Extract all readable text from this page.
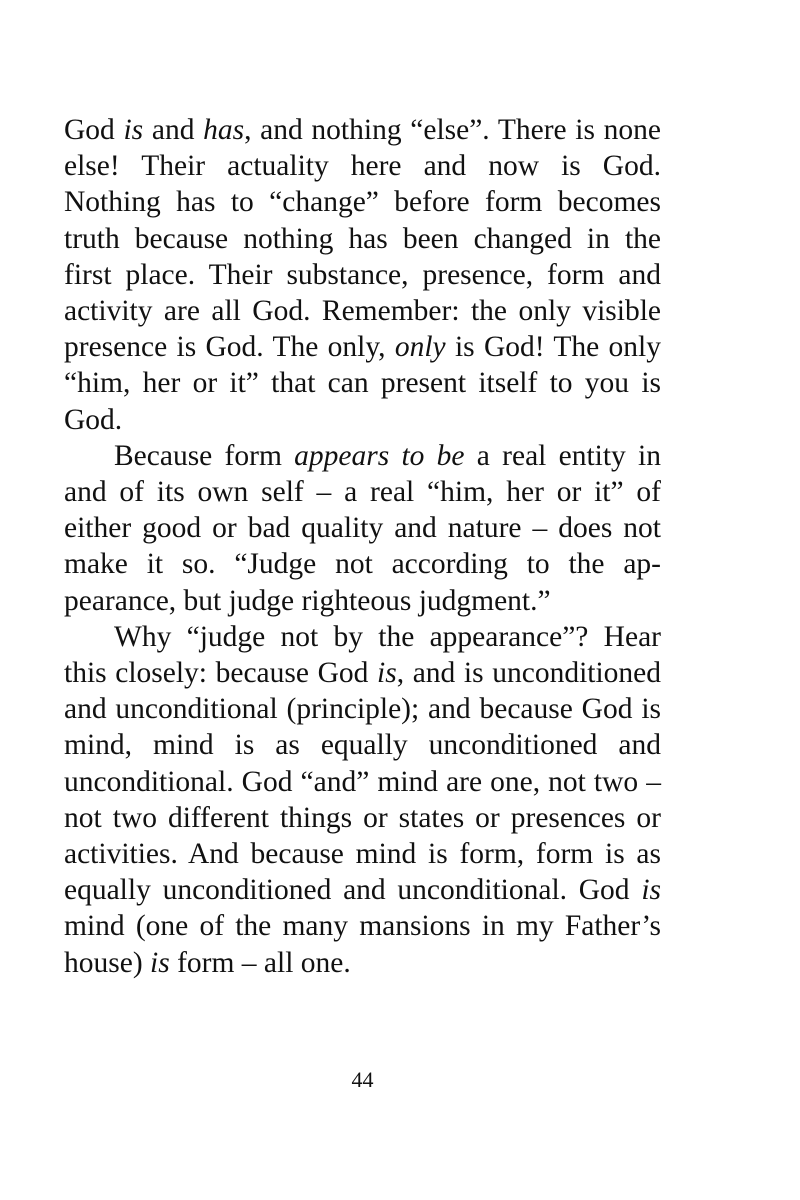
God is and has, and nothing “else”. There is none else! Their actuality here and now is God. Nothing has to “change” before form becomes truth because nothing has been changed in the first place. Their substance, presence, form and activity are all God. Remember: the only visible presence is God. The only, only is God! The only “him, her or it” that can present itself to you is God.

Because form appears to be a real entity in and of its own self – a real “him, her or it” of either good or bad quality and nature – does not make it so. “Judge not according to the appearance, but judge righteous judgment.”

Why “judge not by the appearance”? Hear this closely: because God is, and is unconditioned and unconditional (principle); and because God is mind, mind is as equally unconditioned and unconditional. God “and” mind are one, not two – not two different things or states or presences or activities. And because mind is form, form is as equally unconditioned and unconditional. God is mind (one of the many mansions in my Father’s house) is form – all one.

44
